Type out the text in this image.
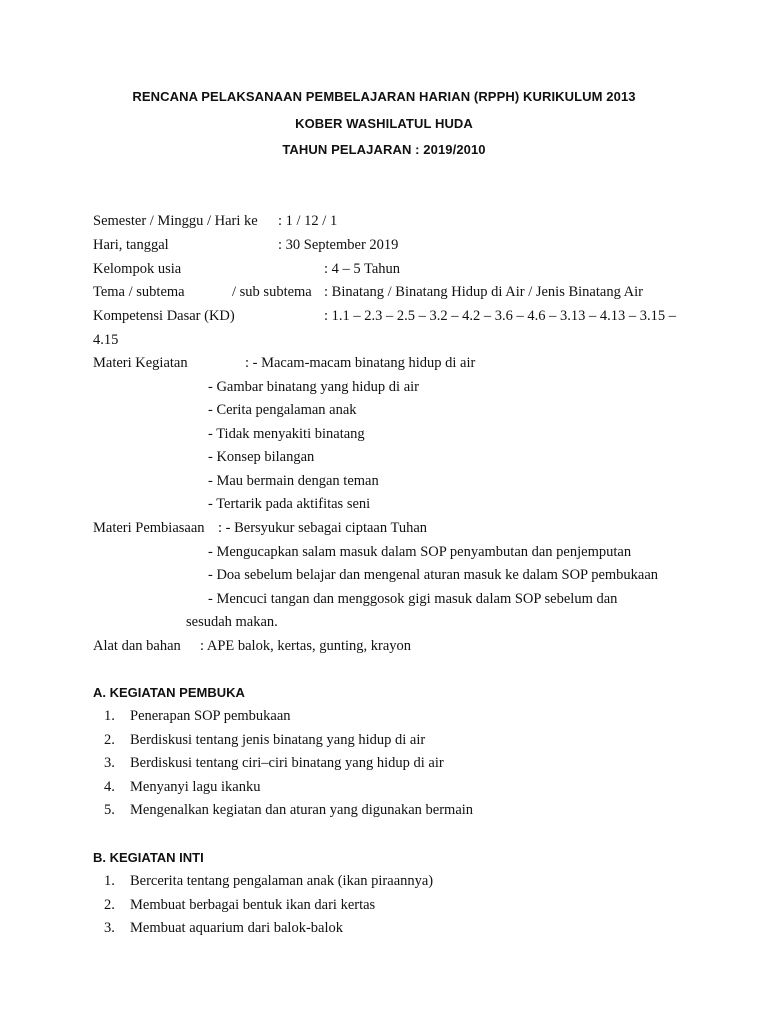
RENCANA PELAKSANAAN PEMBELAJARAN HARIAN (RPPH) KURIKULUM 2013
KOBER WASHILATUL HUDA
TAHUN PELAJARAN : 2019/2010
Semester / Minggu / Hari ke : 1 / 12 / 1
Hari, tanggal	: 30 September 2019
Kelompok usia	: 4 – 5 Tahun
Tema / subtema	/ sub subtema : Binatang / Binatang Hidup di Air / Jenis Binatang Air
Kompetensi Dasar (KD)	: 1.1 – 2.3 – 2.5 – 3.2 – 4.2 – 3.6 – 4.6 – 3.13 – 4.13 – 3.15 –
4.15
Materi Kegiatan	: - Macam-macam binatang hidup di air
- Gambar binatang yang hidup di air
- Cerita pengalaman anak
- Tidak menyakiti binatang
- Konsep bilangan
- Mau bermain dengan teman
- Tertarik pada aktifitas seni
Materi Pembiasaan : - Bersyukur sebagai ciptaan Tuhan
- Mengucapkan salam masuk dalam SOP penyambutan dan penjemputan
- Doa sebelum belajar dan mengenal aturan masuk ke dalam SOP pembukaan
- Mencuci tangan dan menggosok gigi masuk dalam SOP sebelum dan
sesudah makan.
Alat dan bahan : APE balok, kertas, gunting, krayon
A. KEGIATAN PEMBUKA
1. Penerapan SOP pembukaan
2. Berdiskusi tentang jenis binatang yang hidup di air
3. Berdiskusi tentang ciri–ciri binatang yang hidup di air
4. Menyanyi lagu ikanku
5. Mengenalkan kegiatan dan aturan yang digunakan bermain
B. KEGIATAN INTI
1. Bercerita tentang pengalaman anak (ikan piraannya)
2. Membuat berbagai bentuk ikan dari kertas
3. Membuat aquarium dari balok-balok
